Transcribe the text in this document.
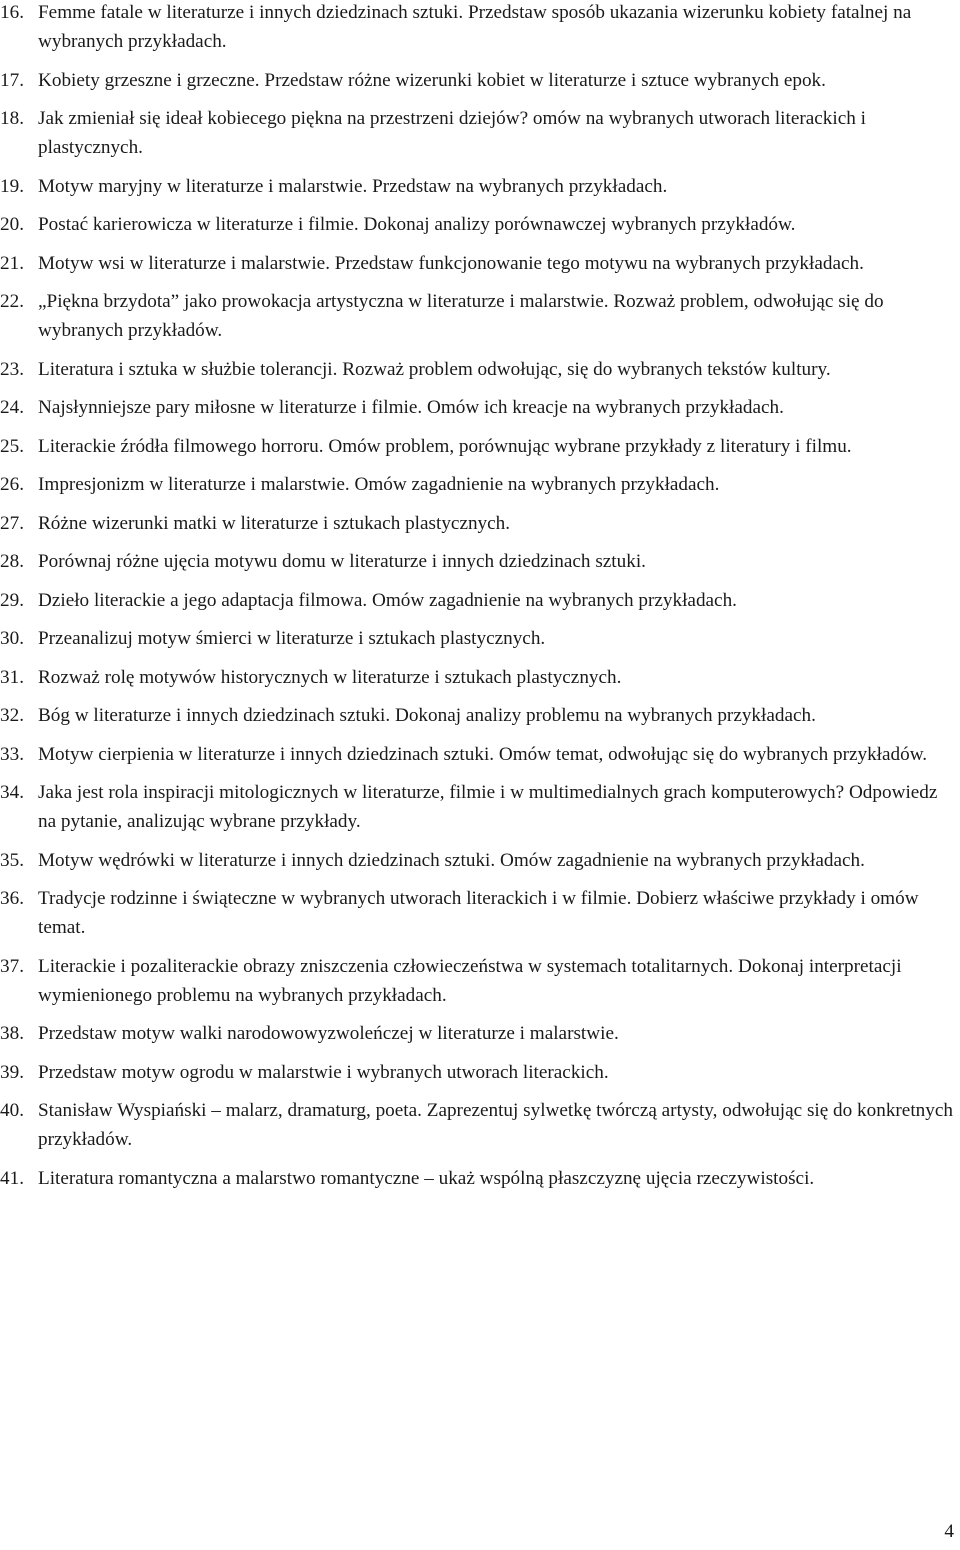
16. Femme fatale w literaturze i innych dziedzinach sztuki. Przedstaw sposób ukazania wizerunku kobiety fatalnej na wybranych przykładach.
17. Kobiety grzeszne i grzeczne. Przedstaw różne wizerunki kobiet w literaturze i sztuce wybranych epok.
18. Jak zmieniał się ideał kobiecego piękna na przestrzeni dziejów? omów na wybranych utworach literackich i plastycznych.
19. Motyw maryjny w literaturze i malarstwie. Przedstaw na wybranych przykładach.
20. Postać karierowicza w literaturze i filmie. Dokonaj analizy porównawczej wybranych przykładów.
21. Motyw wsi w literaturze i malarstwie. Przedstaw funkcjonowanie tego motywu na wybranych przykładach.
22. „Piękna brzydota” jako prowokacja artystyczna w literaturze i malarstwie. Rozważ problem, odwołując się do wybranych przykładów.
23. Literatura i sztuka w służbie tolerancji. Rozważ problem odwołując, się do wybranych tekstów kultury.
24. Najsłynniejsze pary miłosne w literaturze i filmie. Omów ich kreacje na wybranych przykładach.
25. Literackie źródła filmowego horroru. Omów problem, porównując wybrane przykłady z literatury i filmu.
26. Impresjonizm w literaturze i malarstwie. Omów zagadnienie na wybranych przykładach.
27. Różne wizerunki matki w literaturze i sztukach plastycznych.
28. Porównaj różne ujęcia motywu domu w literaturze i innych dziedzinach sztuki.
29. Dzieło literackie a jego adaptacja filmowa. Omów zagadnienie na wybranych przykładach.
30. Przeanalizuj motyw śmierci w literaturze i sztukach plastycznych.
31. Rozważ rolę motywów historycznych w literaturze i sztukach plastycznych.
32. Bóg w literaturze i innych dziedzinach sztuki. Dokonaj analizy problemu na wybranych przykładach.
33. Motyw cierpienia w literaturze i innych dziedzinach sztuki. Omów temat, odwołując się do wybranych przykładów.
34. Jaka jest rola inspiracji mitologicznych w literaturze, filmie i w multimedialnych grach komputerowych? Odpowiedz na pytanie, analizując wybrane przykłady.
35. Motyw wędrówki w literaturze i innych dziedzinach sztuki. Omów zagadnienie na wybranych przykładach.
36. Tradycje rodzinne i świąteczne w wybranych utworach literackich i w filmie. Dobierz właściwe przykłady i omów temat.
37. Literackie i pozaliterackie obrazy zniszczenia człowieczeństwa w systemach totalitarnych. Dokonaj interpretacji wymienionego problemu na wybranych przykładach.
38. Przedstaw motyw walki narodowowyzwoleńczej w literaturze i malarstwie.
39. Przedstaw motyw ogrodu w malarstwie i wybranych utworach literackich.
40. Stanisław Wyspiański – malarz, dramaturg, poeta. Zaprezentuj sylwetkę twórczą artysty, odwołując się do konkretnych przykładów.
41. Literatura romantyczna a malarstwo romantyczne – ukaż wspólną płaszczyznę ujęcia rzeczywistości.
4
